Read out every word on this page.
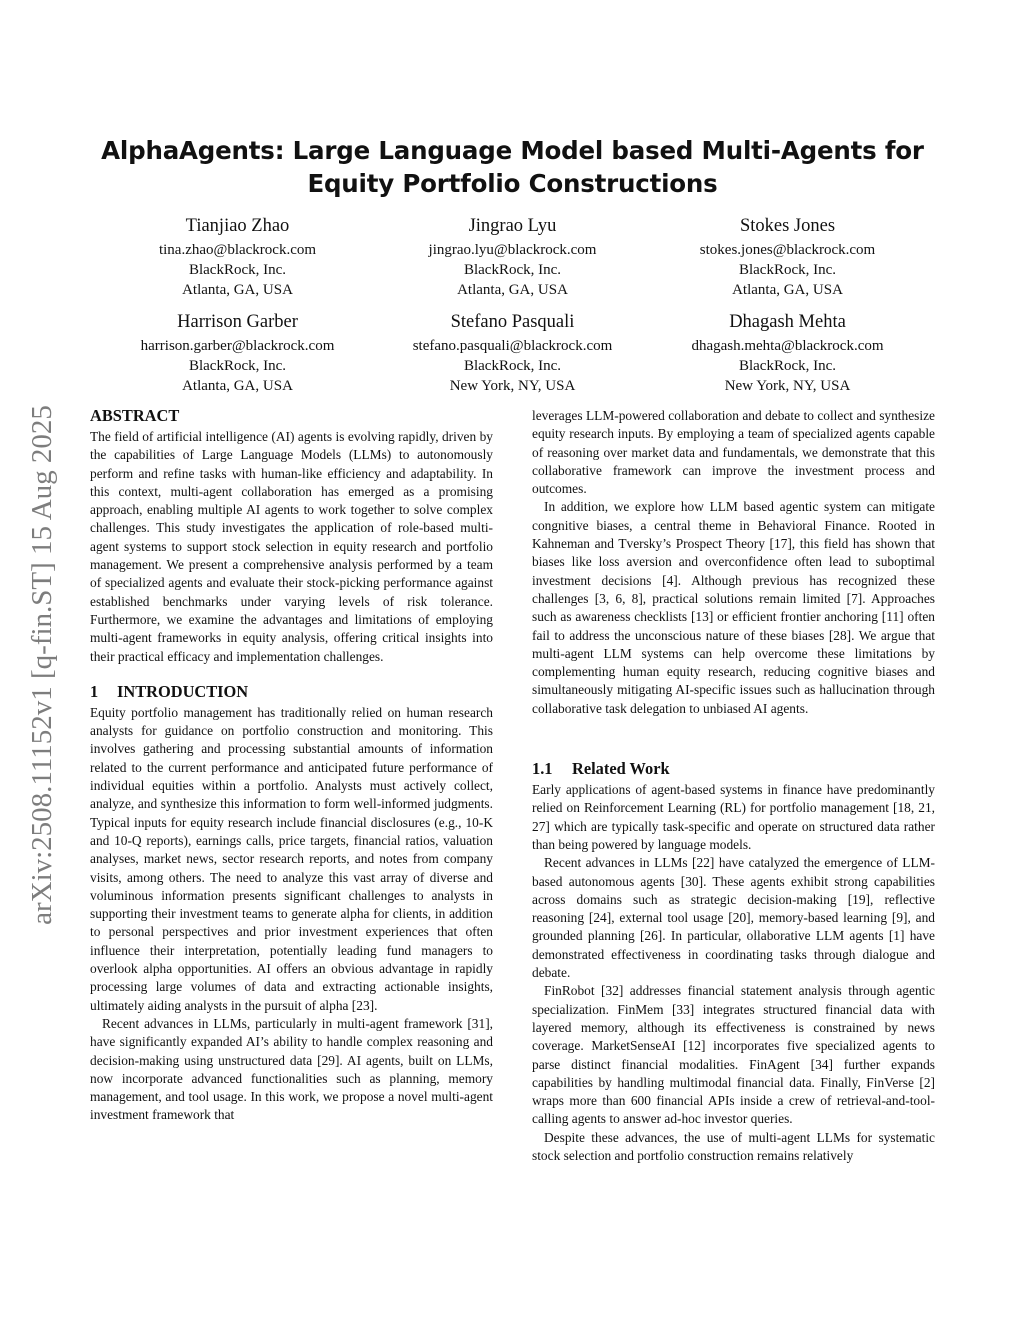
arXiv:2508.11152v1 [q-fin.ST] 15 Aug 2025
AlphaAgents: Large Language Model based Multi-Agents for
Equity Portfolio Constructions
Tianjiao Zhao
tina.zhao@blackrock.com
BlackRock, Inc.
Atlanta, GA, USA
Jingrao Lyu
jingrao.lyu@blackrock.com
BlackRock, Inc.
Atlanta, GA, USA
Stokes Jones
stokes.jones@blackrock.com
BlackRock, Inc.
Atlanta, GA, USA
Harrison Garber
harrison.garber@blackrock.com
BlackRock, Inc.
Atlanta, GA, USA
Stefano Pasquali
stefano.pasquali@blackrock.com
BlackRock, Inc.
New York, NY, USA
Dhagash Mehta
dhagash.mehta@blackrock.com
BlackRock, Inc.
New York, NY, USA
ABSTRACT

The field of artificial intelligence (AI) agents is evolving rapidly, driven by the capabilities of Large Language Models (LLMs) to autonomously perform and refine tasks with human-like efficiency and adaptability. In this context, multi-agent collaboration has emerged as a promising approach, enabling multiple AI agents to work together to solve complex challenges. This study investigates the application of role-based multi-agent systems to support stock selection in equity research and portfolio management. We present a comprehensive analysis performed by a team of specialized agents and evaluate their stock-picking performance against established benchmarks under varying levels of risk tolerance. Furthermore, we examine the advantages and limitations of employing multi-agent frameworks in equity analysis, offering critical insights into their practical efficacy and implementation challenges.

1 INTRODUCTION

Equity portfolio management has traditionally relied on human research analysts for guidance on portfolio construction and monitoring. This involves gathering and processing substantial amounts of information related to the current performance and anticipated future performance of individual equities within a portfolio. Analysts must actively collect, analyze, and synthesize this information to form well-informed judgments. Typical inputs for equity research include financial disclosures (e.g., 10-K and 10-Q reports), earnings calls, price targets, financial ratios, valuation analyses, market news, sector research reports, and notes from company visits, among others. The need to analyze this vast array of diverse and voluminous information presents significant challenges to analysts in supporting their investment teams to generate alpha for clients, in addition to personal perspectives and prior investment experiences that often influence their interpretation, potentially leading fund managers to overlook alpha opportunities. AI offers an obvious advantage in rapidly processing large volumes of data and extracting actionable insights, ultimately aiding analysts in the pursuit of alpha [23].

Recent advances in LLMs, particularly in multi-agent framework [31], have significantly expanded AI’s ability to handle complex reasoning and decision-making using unstructured data [29]. AI agents, built on LLMs, now incorporate advanced functionalities such as planning, memory management, and tool usage. In this work, we propose a novel multi-agent investment framework that

leverages LLM-powered collaboration and debate to collect and synthesize equity research inputs. By employing a team of specialized agents capable of reasoning over market data and fundamentals, we demonstrate that this collaborative framework can improve the investment process and outcomes.

In addition, we explore how LLM based agentic system can mitigate congnitive biases, a central theme in Behavioral Finance. Rooted in Kahneman and Tversky’s Prospect Theory [17], this field has shown that biases like loss aversion and overconfidence often lead to suboptimal investment decisions [4]. Although previous has recognized these challenges [3, 6, 8], practical solutions remain limited [7]. Approaches such as awareness checklists [13] or efficient frontier anchoring [11] often fail to address the unconscious nature of these biases [28]. We argue that multi-agent LLM systems can help overcome these limitations by complementing human equity research, reducing cognitive biases and simultaneously mitigating AI-specific issues such as hallucination through collaborative task delegation to unbiased AI agents.

1.1 Related Work

Early applications of agent-based systems in finance have predominantly relied on Reinforcement Learning (RL) for portfolio management [18, 21, 27] which are typically task-specific and operate on structured data rather than being powered by language models.

Recent advances in LLMs [22] have catalyzed the emergence of LLM-based autonomous agents [30]. These agents exhibit strong capabilities across domains such as strategic decision-making [19], reflective reasoning [24], external tool usage [20], memory-based learning [9], and grounded planning [26]. In particular, ollaborative LLM agents [1] have demonstrated effectiveness in coordinating tasks through dialogue and debate.

FinRobot [32] addresses financial statement analysis through agentic specialization. FinMem [33] integrates structured financial data with layered memory, although its effectiveness is constrained by news coverage. MarketSenseAI [12] incorporates five specialized agents to parse distinct financial modalities. FinAgent [34] further expands capabilities by handling multimodal financial data. Finally, FinVerse [2] wraps more than 600 financial APIs inside a crew of retrieval-and-tool-calling agents to answer ad-hoc investor queries.

Despite these advances, the use of multi-agent LLMs for systematic stock selection and portfolio construction remains relatively
